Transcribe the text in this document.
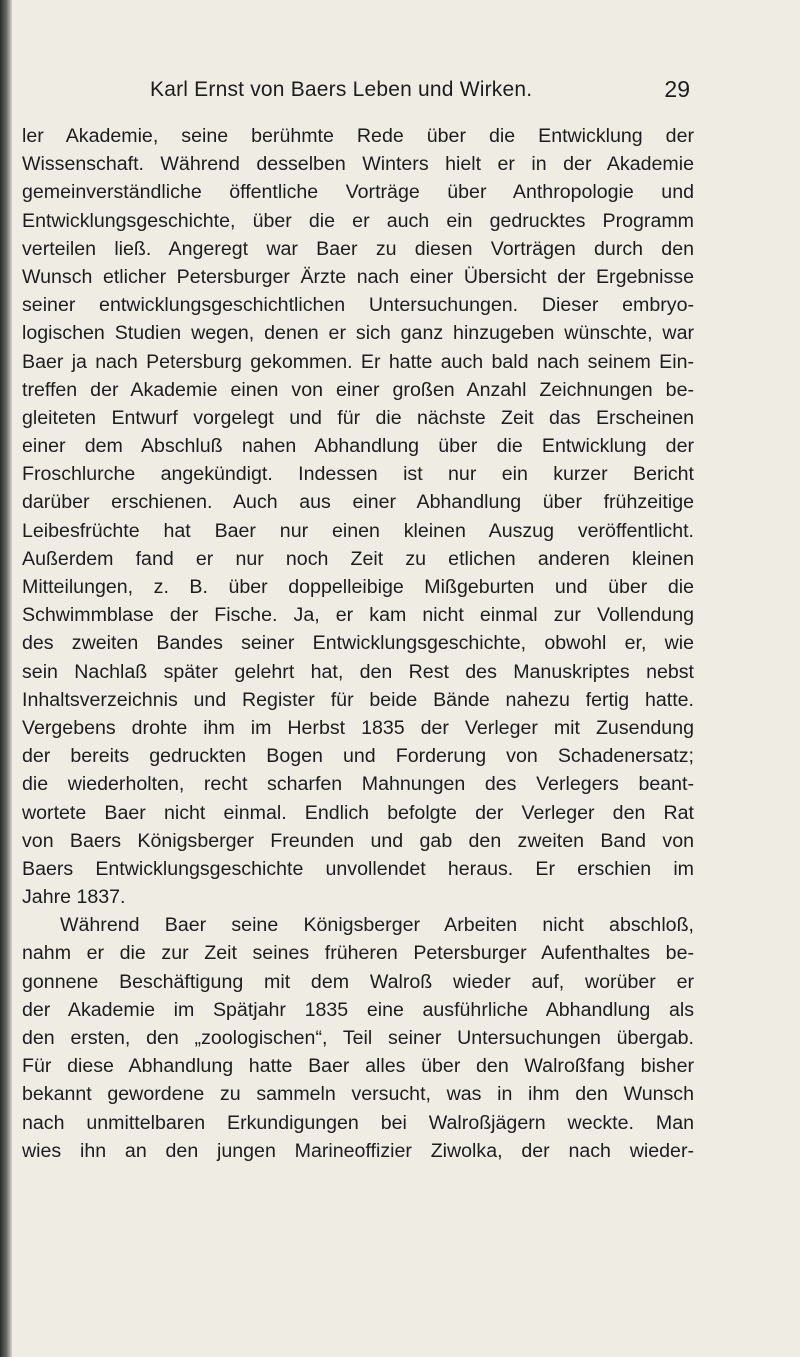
Karl Ernst von Baers Leben und Wirken.	29
ler Akademie, seine berühmte Rede über die Entwicklung der
Wissenschaft. Während desselben Winters hielt er in der Akademie
gemeinverständliche öffentliche Vorträge über Anthropologie und
Entwicklungsgeschichte, über die er auch ein gedrucktes Programm
verteilen ließ. Angeregt war Baer zu diesen Vorträgen durch den
Wunsch etlicher Petersburger Ärzte nach einer Übersicht der Ergebnisse
seiner entwicklungsgeschichtlichen Untersuchungen. Dieser embryo-
logischen Studien wegen, denen er sich ganz hinzugeben wünschte, war
Baer ja nach Petersburg gekommen. Er hatte auch bald nach seinem Ein-
treffen der Akademie einen von einer großen Anzahl Zeichnungen be-
gleiteten Entwurf vorgelegt und für die nächste Zeit das Erscheinen
einer dem Abschluß nahen Abhandlung über die Entwicklung der
Froschlurche angekündigt. Indessen ist nur ein kurzer Bericht
darüber erschienen. Auch aus einer Abhandlung über frühzeitige
Leibesfrüchte hat Baer nur einen kleinen Auszug veröffentlicht.
Außerdem fand er nur noch Zeit zu etlichen anderen kleinen
Mitteilungen, z. B. über doppelleibige Mißgeburten und über die
Schwimmblase der Fische. Ja, er kam nicht einmal zur Vollendung
des zweiten Bandes seiner Entwicklungsgeschichte, obwohl er, wie
sein Nachlaß später gelehrt hat, den Rest des Manuskriptes nebst
Inhaltsverzeichnis und Register für beide Bände nahezu fertig hatte.
Vergebens drohte ihm im Herbst 1835 der Verleger mit Zusendung
der bereits gedruckten Bogen und Forderung von Schadenersatz;
die wiederholten, recht scharfen Mahnungen des Verlegers beant-
wortete Baer nicht einmal. Endlich befolgte der Verleger den Rat
von Baers Königsberger Freunden und gab den zweiten Band von
Baers Entwicklungsgeschichte unvollendet heraus. Er erschien im
Jahre 1837.
Während Baer seine Königsberger Arbeiten nicht abschloß,
nahm er die zur Zeit seines früheren Petersburger Aufenthaltes be-
gonnene Beschäftigung mit dem Walroß wieder auf, worüber er
der Akademie im Spätjahr 1835 eine ausführliche Abhandlung als
den ersten, den „zoologischen“, Teil seiner Untersuchungen übergab.
Für diese Abhandlung hatte Baer alles über den Walroßfang bisher
bekannt gewordene zu sammeln versucht, was in ihm den Wunsch
nach unmittelbaren Erkundigungen bei Walroßjägern weckte. Man
wies ihn an den jungen Marineoffizier Ziwolka, der nach wieder-
